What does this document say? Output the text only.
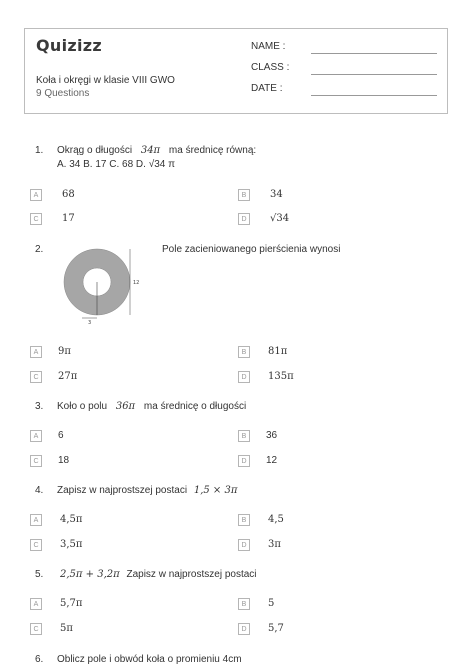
Quizizz
Koła i okręgi w klasie VIII GWO
9 Questions
NAME :
CLASS :
DATE :
1. Okrąg o długości 34π ma średnicę równą:
A. 34 B. 17 C. 68 D. √34 π
A	68	B	34
C	17	D	√34
2.	Pole zacieniowanego pierścienia wynosi
12
3
A	9π	B	81π
C	27π	D	135π
3. Koło o polu 36π ma średnicę o długości
A	6	B	36
C	18	D	12
4. Zapisz w najprostszej postaci 1,5 × 3π
A	4,5π	B	4,5
C	3,5π	D	3π
5. 2,5π + 3,2π Zapisz w najprostszej postaci
A	5,7π	B	5
C	5π	D	5,7
6. Oblicz pole i obwód koła o promieniu 4cm
